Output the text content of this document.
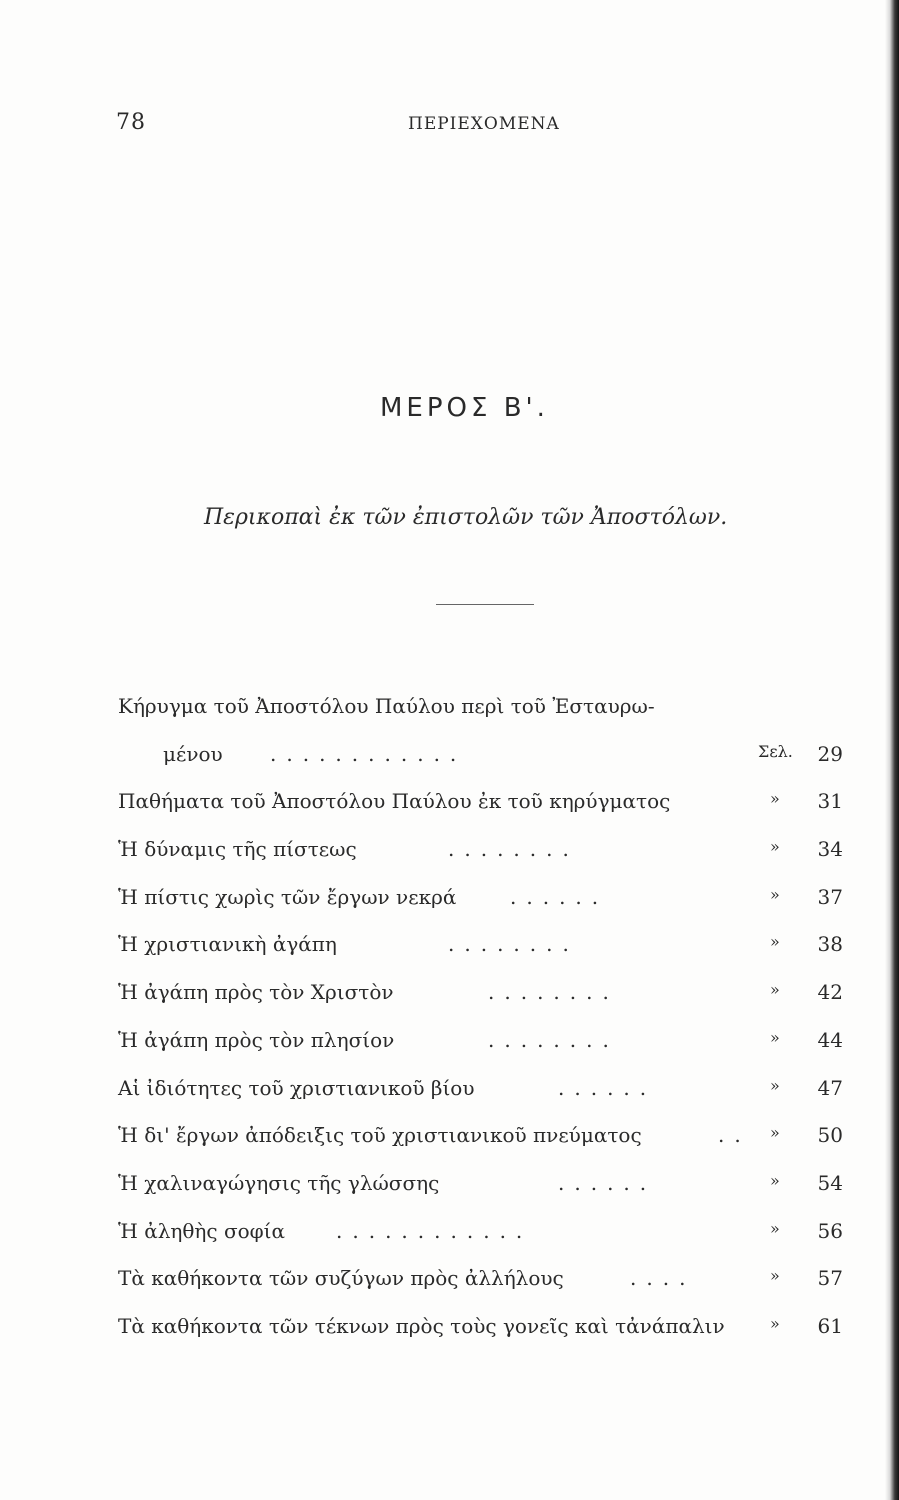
78	ΠΕΡΙΕΧΟΜΕΝΑ
ΜΕΡΟΣ Β'.
Περικοπαὶ ἐκ τῶν ἐπιστολῶν τῶν Ἀποστόλων.
Κήρυγμα τοῦ Ἀποστόλου Παύλου περὶ τοῦ Ἐσταυρω-
μένου ............	Σελ. 29
Παθήματα τοῦ Ἀποστόλου Παύλου ἐκ τοῦ κηρύγματος	» 31
Ἡ δύναμις τῆς πίστεως	........	» 34
Ἡ πίστις χωρὶς τῶν ἔργων νεκρά	......	» 37
Ἡ χριστιανικὴ ἀγάπη	........	» 38
Ἡ ἀγάπη πρὸς τὸν Χριστὸν	........	» 42
Ἡ ἀγάπη πρὸς τὸν πλησίον	........	» 44
Αἱ ἰδιότητες τοῦ χριστιανικοῦ βίου	......	» 47
Ἡ δι' ἔργων ἀπόδειξις τοῦ χριστιανικοῦ πνεύματος	.. » 50
Ἡ χαλιναγώγησις τῆς γλώσσης	......	» 54
Ἡ ἀληθὴς σοφία	............	» 56
Τὰ καθήκοντα τῶν συζύγων πρὸς ἀλλήλους	....	» 57
Τὰ καθήκοντα τῶν τέκνων πρὸς τοὺς γονεῖς καὶ τἀνάπαλιν	» 61
